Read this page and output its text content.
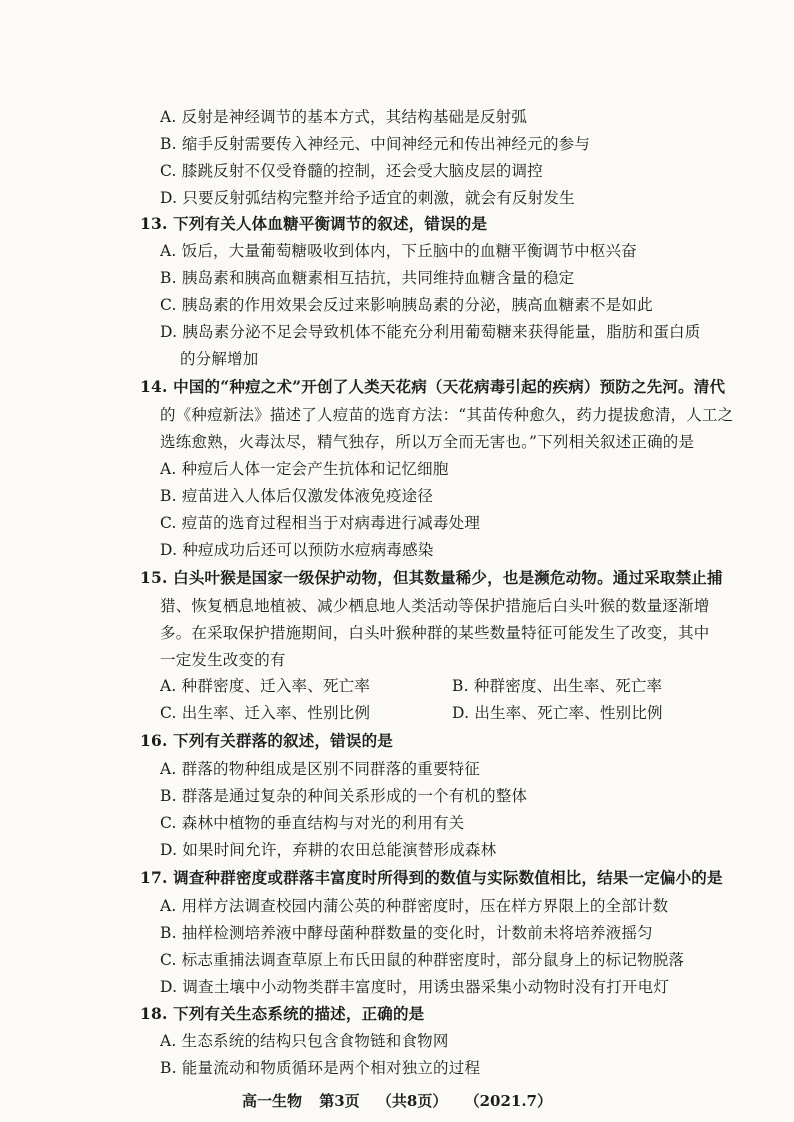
A. 反射是神经调节的基本方式，其结构基础是反射弧
B. 缩手反射需要传入神经元、中间神经元和传出神经元的参与
C. 膝跳反射不仅受脊髓的控制，还会受大脑皮层的调控
D. 只要反射弧结构完整并给予适宜的刺激，就会有反射发生
13. 下列有关人体血糖平衡调节的叙述，错误的是
A. 饭后，大量葡萄糖吸收到体内，下丘脑中的血糖平衡调节中枢兴奋
B. 胰岛素和胰高血糖素相互拮抗，共同维持血糖含量的稳定
C. 胰岛素的作用效果会反过来影响胰岛素的分泌，胰高血糖素不是如此
D. 胰岛素分泌不足会导致机体不能充分利用葡萄糖来获得能量，脂肪和蛋白质
的分解增加
14. 中国的“种痘之术”开创了人类天花病（天花病毒引起的疾病）预防之先河。清代
的《种痘新法》描述了人痘苗的选育方法：“其苗传种愈久，药力提拔愈清，人工之
选练愈熟，火毒汰尽，精气独存，所以万全而无害也。”下列相关叙述正确的是
A. 种痘后人体一定会产生抗体和记忆细胞
B. 痘苗进入人体后仅激发体液免疫途径
C. 痘苗的选育过程相当于对病毒进行减毒处理
D. 种痘成功后还可以预防水痘病毒感染
15. 白头叶猴是国家一级保护动物，但其数量稀少，也是濒危动物。通过采取禁止捕
猎、恢复栖息地植被、减少栖息地人类活动等保护措施后白头叶猴的数量逐渐增
多。在采取保护措施期间，白头叶猴种群的某些数量特征可能发生了改变，其中
一定发生改变的有
A. 种群密度、迁入率、死亡率	B. 种群密度、出生率、死亡率
C. 出生率、迁入率、性别比例	D. 出生率、死亡率、性别比例
16. 下列有关群落的叙述，错误的是
A. 群落的物种组成是区别不同群落的重要特征
B. 群落是通过复杂的种间关系形成的一个有机的整体
C. 森林中植物的垂直结构与对光的利用有关
D. 如果时间允许，弃耕的农田总能演替形成森林
17. 调查种群密度或群落丰富度时所得到的数值与实际数值相比，结果一定偏小的是
A. 用样方法调查校园内蒲公英的种群密度时，压在样方界限上的全部计数
B. 抽样检测培养液中酵母菌种群数量的变化时，计数前未将培养液摇匀
C. 标志重捕法调查草原上布氏田鼠的种群密度时，部分鼠身上的标记物脱落
D. 调查土壤中小动物类群丰富度时，用诱虫器采集小动物时没有打开电灯
18. 下列有关生态系统的描述，正确的是
A. 生态系统的结构只包含食物链和食物网
B. 能量流动和物质循环是两个相对独立的过程
高一生物 第3页 （共8页） （2021.7）
